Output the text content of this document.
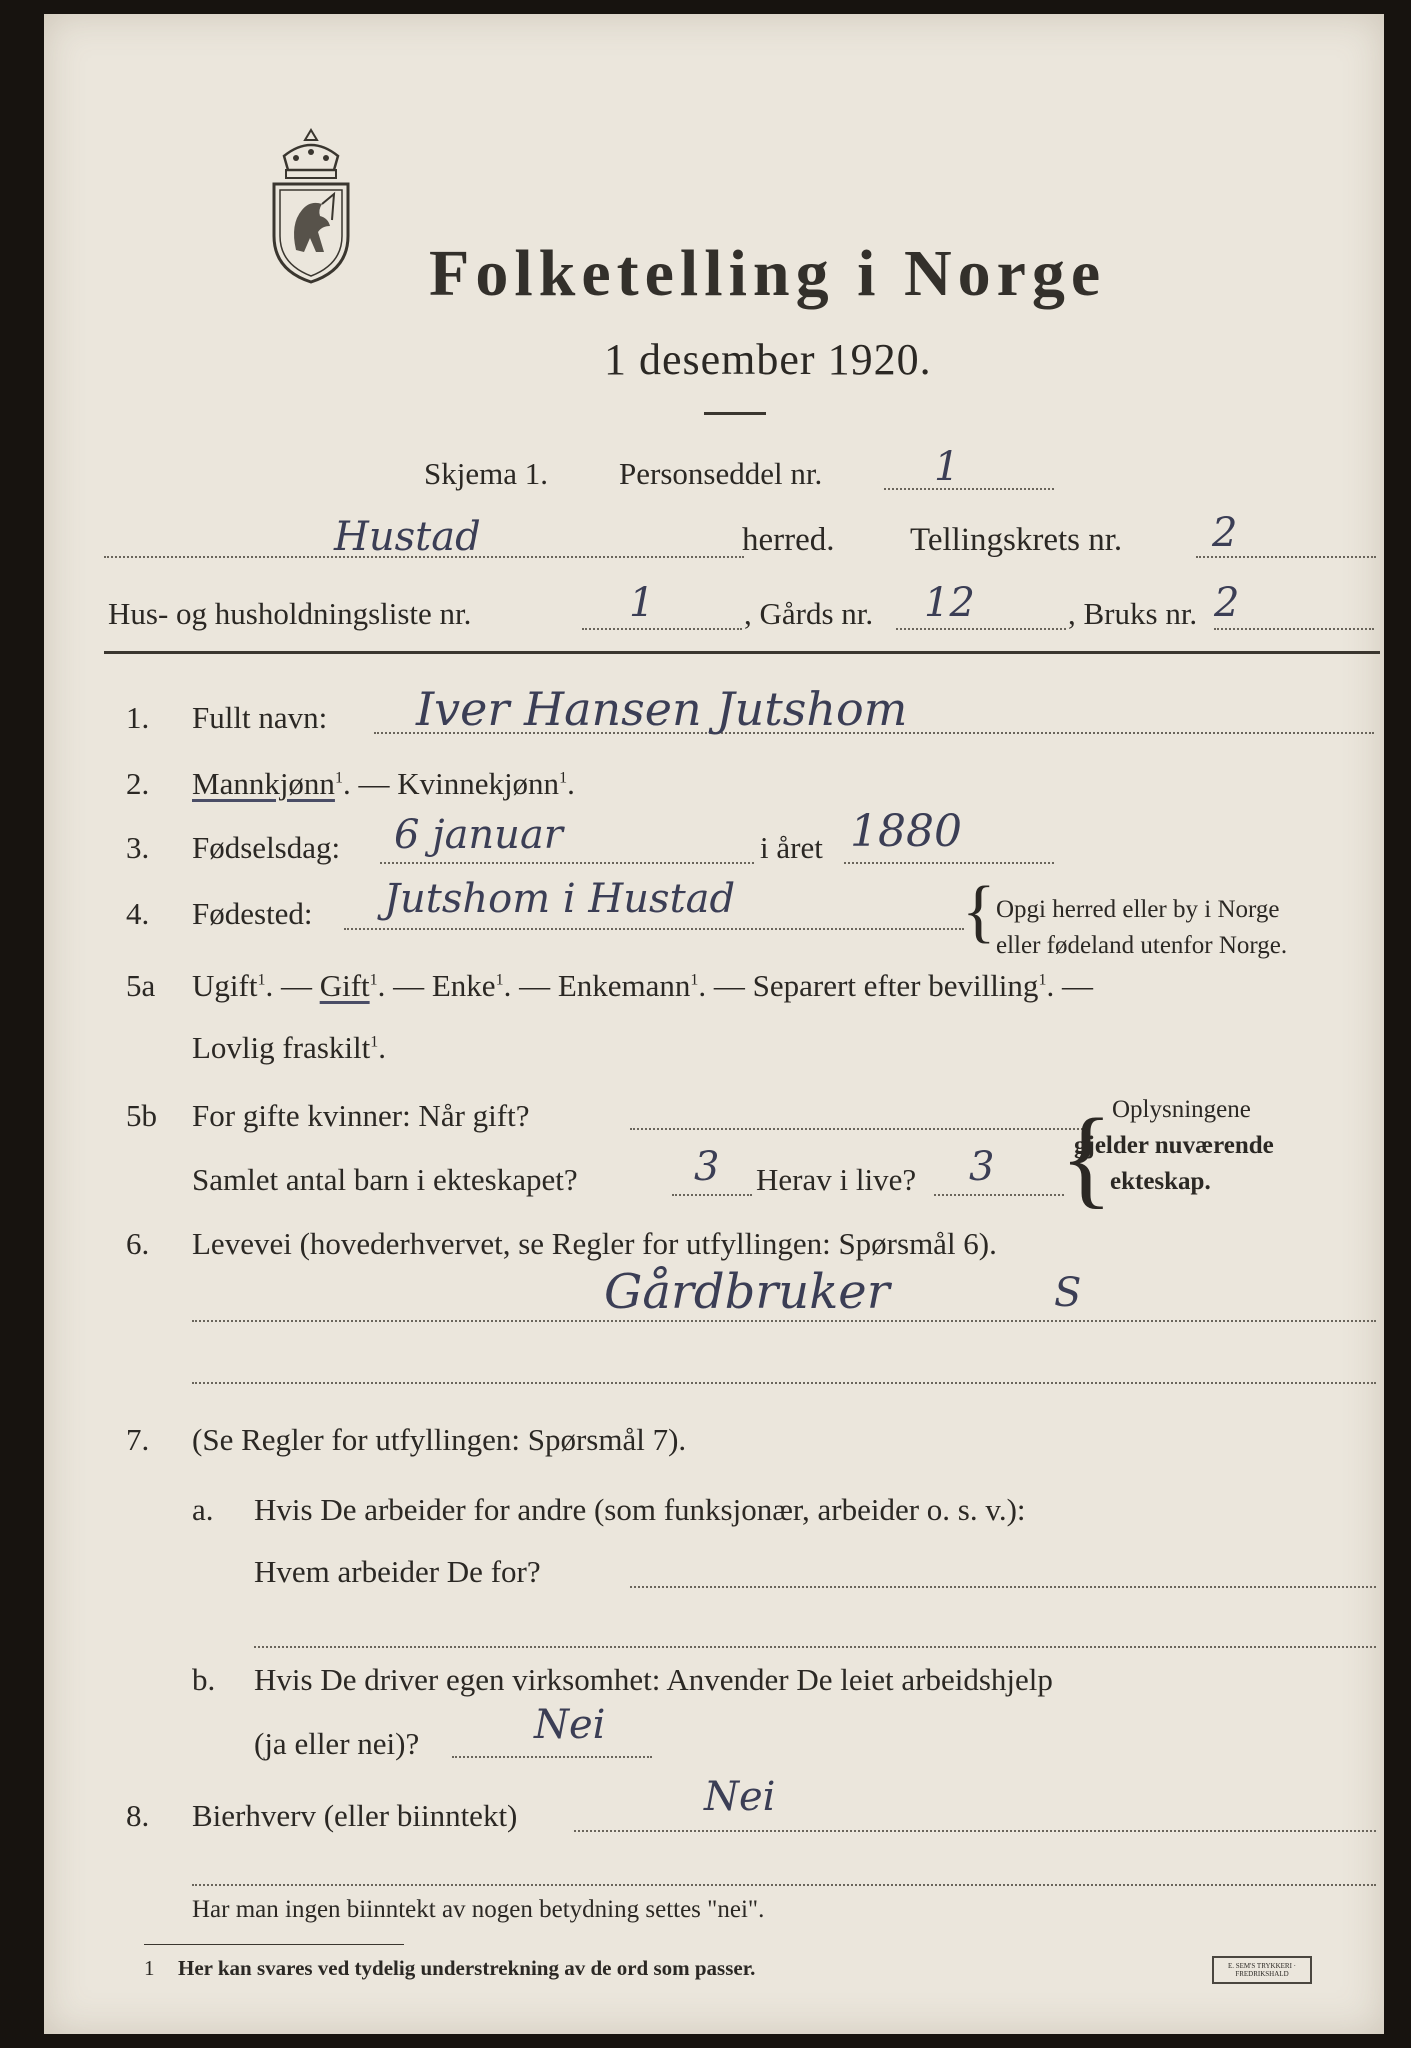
Folketelling i Norge
1 desember 1920.
Skjema 1. Personseddel nr.	1
Hustad	herred. Tellingskrets nr. 2
Hus- og husholdningsliste nr.	1	, Gårds nr. 12	, Bruks nr. 2
1. Fullt navn: Iver Hansen Jutshom
2. Mannkjønn$^1$. — Kvinnekjønn$^1$.
3. Fødselsdag: 6 januar	i året 1880
4. Fødested: Jutshom i Hustad	{ Opgi herred eller by i Norge
eller fødeland utenfor Norge.
5a Ugift$^1$. — Gift$^1$. — Enke$^1$. — Enkemann$^1$. — Separert efter bevilling$^1$. —
Lovlig fraskilt$^1$.
5b For gifte kvinner: Når gift?
Samlet antal barn i ekteskapet?	3 Herav i live? 3 { Oplysningene
gjelder nuværende
ekteskap.
6. Levevei (hovederhvervet, se Regler for utfyllingen: Spørsmål 6).
Gårdbruker	S
7. (Se Regler for utfyllingen: Spørsmål 7).
a. Hvis De arbeider for andre (som funksjonær, arbeider o. s. v.):
Hvem arbeider De for?
b. Hvis De driver egen virksomhet: Anvender De leiet arbeidshjelp
(ja eller nei)?	Nei
8. Bierhverv (eller biinntekt)	Nei
Har man ingen biinntekt av nogen betydning settes "nei".
1 Her kan svares ved tydelig understrekning av de ord som passer.	E. SEM'S TRYKKERI · FREDRIKSHALD
